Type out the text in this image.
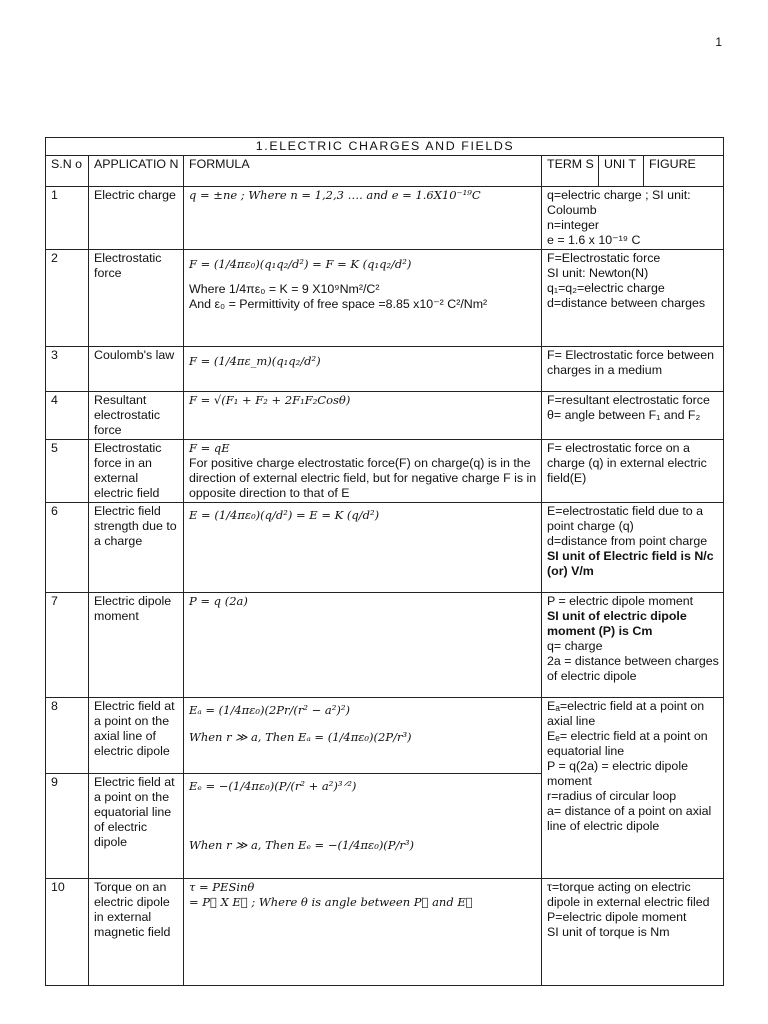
1
1.ELECTRIC CHARGES AND FIELDS					
S.N o	APPLICATIO N	FORMULA	TERM S	UNI T	FIGURE
1	Electric charge	q = ±ne ; Where n = 1,2,3 …. and e = 1.6X10⁻¹⁹C	q=electric charge ; SI unit: Coloumb
n=integer
e = 1.6 x 10⁻¹⁹ C		

2	Electrostatic force	F = (1/4πε₀)(q₁q₂/d²) = F = K (q₁q₂/d²)
Where 1/4πε₀ = K = 9 X10⁹Nm²/C²
And ε₀ = Permittivity of free space =8.85 x10⁻² C²/Nm²	F=Electrostatic force
SI unit: Newton(N)
q₁=q₂=electric charge
d=distance between charges		

3	Coulomb's law	F = (1/4πε_m)(q₁q₂/d²)	F= Electrostatic force between charges in a medium		
4	Resultant electrostatic force	F = √(F₁ + F₂ + 2F₁F₂Cosθ)	F=resultant electrostatic force
θ= angle between F₁ and F₂		

5	Electrostatic force in an external electric field	F = qE
For positive charge electrostatic force(F) on charge(q) is in the direction of external electric field, but for negative charge F is in opposite direction to that of E	F= electrostatic force on a charge (q) in external electric field(E)		
6	Electric field strength due to a charge	E = (1/4πε₀)(q/d²) = E = K (q/d²)	E=electrostatic field due to a point charge (q)
d=distance from point charge
SI unit of Electric field is N/c (or) V/m		

7	Electric dipole moment	P = q (2a)	P = electric dipole moment
SI unit of electric dipole moment (P) is Cm
q= charge
2a = distance between charges of electric dipole		

8	Electric field at a point on the axial line of electric dipole	Eₐ = (1/4πε₀)(2Pr/(r² − a²)²)
When r ≫ a, Then Eₐ = (1/4πε₀)(2P/r³)	Eₐ=electric field at a point on axial line
Eₑ= electric field at a point on equatorial line
P = q(2a) = electric dipole moment
r=radius of circular loop
a= distance of a point on axial line of electric dipole		

9	Electric field at a point on the equatorial line of electric dipole	Eₑ = −(1/4πε₀)(P/(r² + a²)³ᐟ²)
When r ≫ a, Then Eₑ = −(1/4πε₀)(P/r³)			

10	Torque on an electric dipole in external magnetic field	τ = PESinθ
= P⃗ X E⃗ ; Where θ is angle between P⃗ and E⃗	τ=torque acting on electric dipole in external electric filed
P=electric dipole moment
SI unit of torque is Nm		
